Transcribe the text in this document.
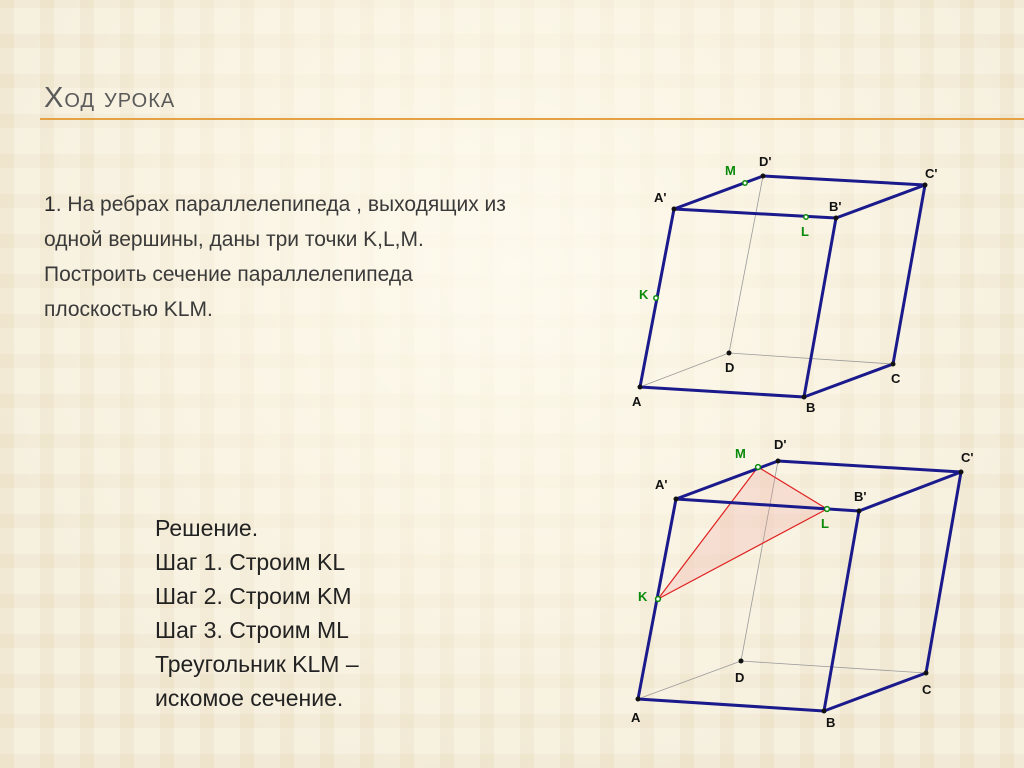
Ход урока
1. На ребрах параллелепипеда , выходящих из одной вершины, даны три точки K,L,M. Построить сечение параллелепипеда плоскостью KLM.
Решение.
Шаг 1. Строим KL
Шаг 2. Строим KM
Шаг 3. Строим ML
Треугольник KLM –
искомое сечение.
A	B
C
D
A'
B'
C'
D'
K
L
M
A	B
C
D
A'
B'
C'
D'
K
L
M
